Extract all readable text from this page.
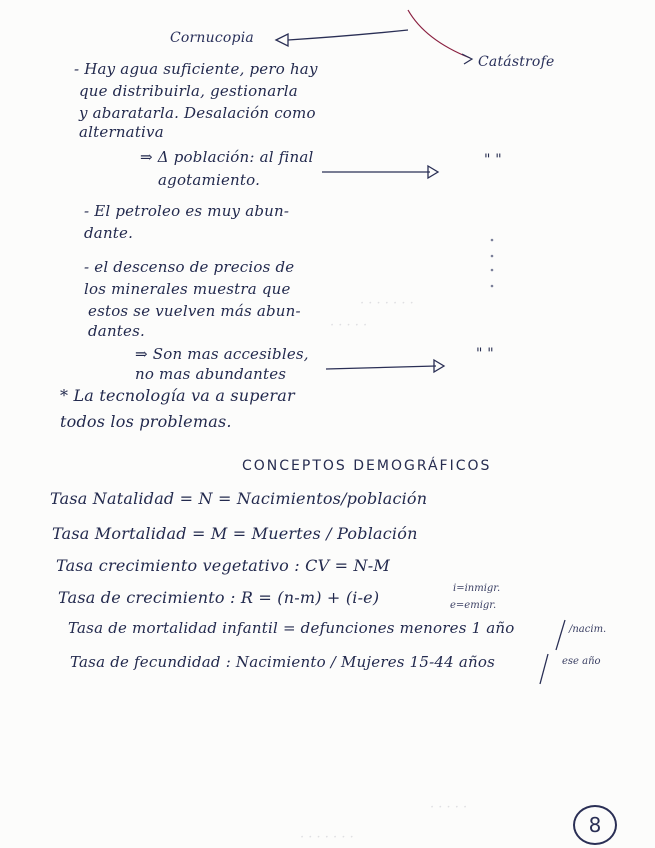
· · · · · · ·
· · · · ·
· · · · ·
· · · · · · ·
Cornucopia
Catástrofe
- Hay agua suficiente, pero hay
que distribuirla, gestionarla
y abaratarla. Desalación como
alternativa
⇒ Δ población: al final
agotamiento.
" "
- El petroleo es muy abun-
dante.
- el descenso de precios de
los minerales muestra que
estos se vuelven más abun-
dantes.
⇒ Son mas accesibles,
no mas abundantes
" "
* La tecnología va a superar
todos los problemas.
CONCEPTOS DEMOGRÁFICOS
Tasa Natalidad = N = Nacimientos/población
Tasa Mortalidad = M = Muertes / Población
Tasa crecimiento vegetativo : CV = N-M
Tasa de crecimiento : R = (n-m) + (i-e)	i=inmigr.
e=emigr.
Tasa de mortalidad infantil = defunciones menores 1 año	/nacim.
Tasa de fecundidad : Nacimiento / Mujeres 15-44 años	ese año
8
